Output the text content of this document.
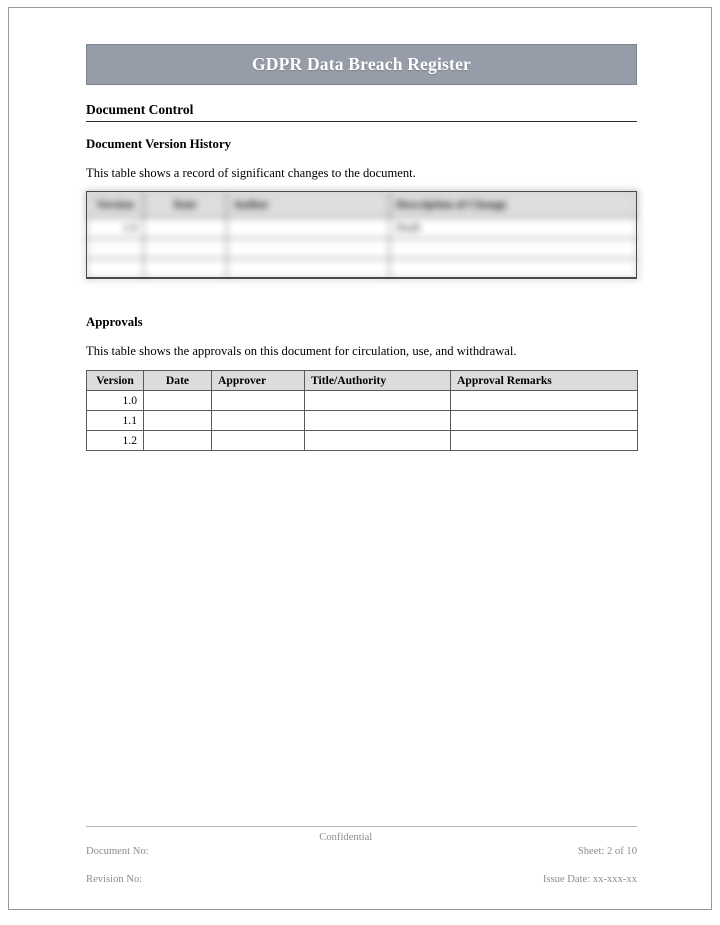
GDPR Data Breach Register
Document Control
Document Version History
This table shows a record of significant changes to the document.
Version	Date	Author	Description of Change
1.0			Draft

Approvals
This table shows the approvals on this document for circulation, use, and withdrawal.
Version	Date	Approver	Title/Authority	Approval Remarks
1.0				
1.1				
1.2				

Document No:

Revision No:

Confidential

Sheet: 2 of 10

Issue Date: xx-xxx-xx
